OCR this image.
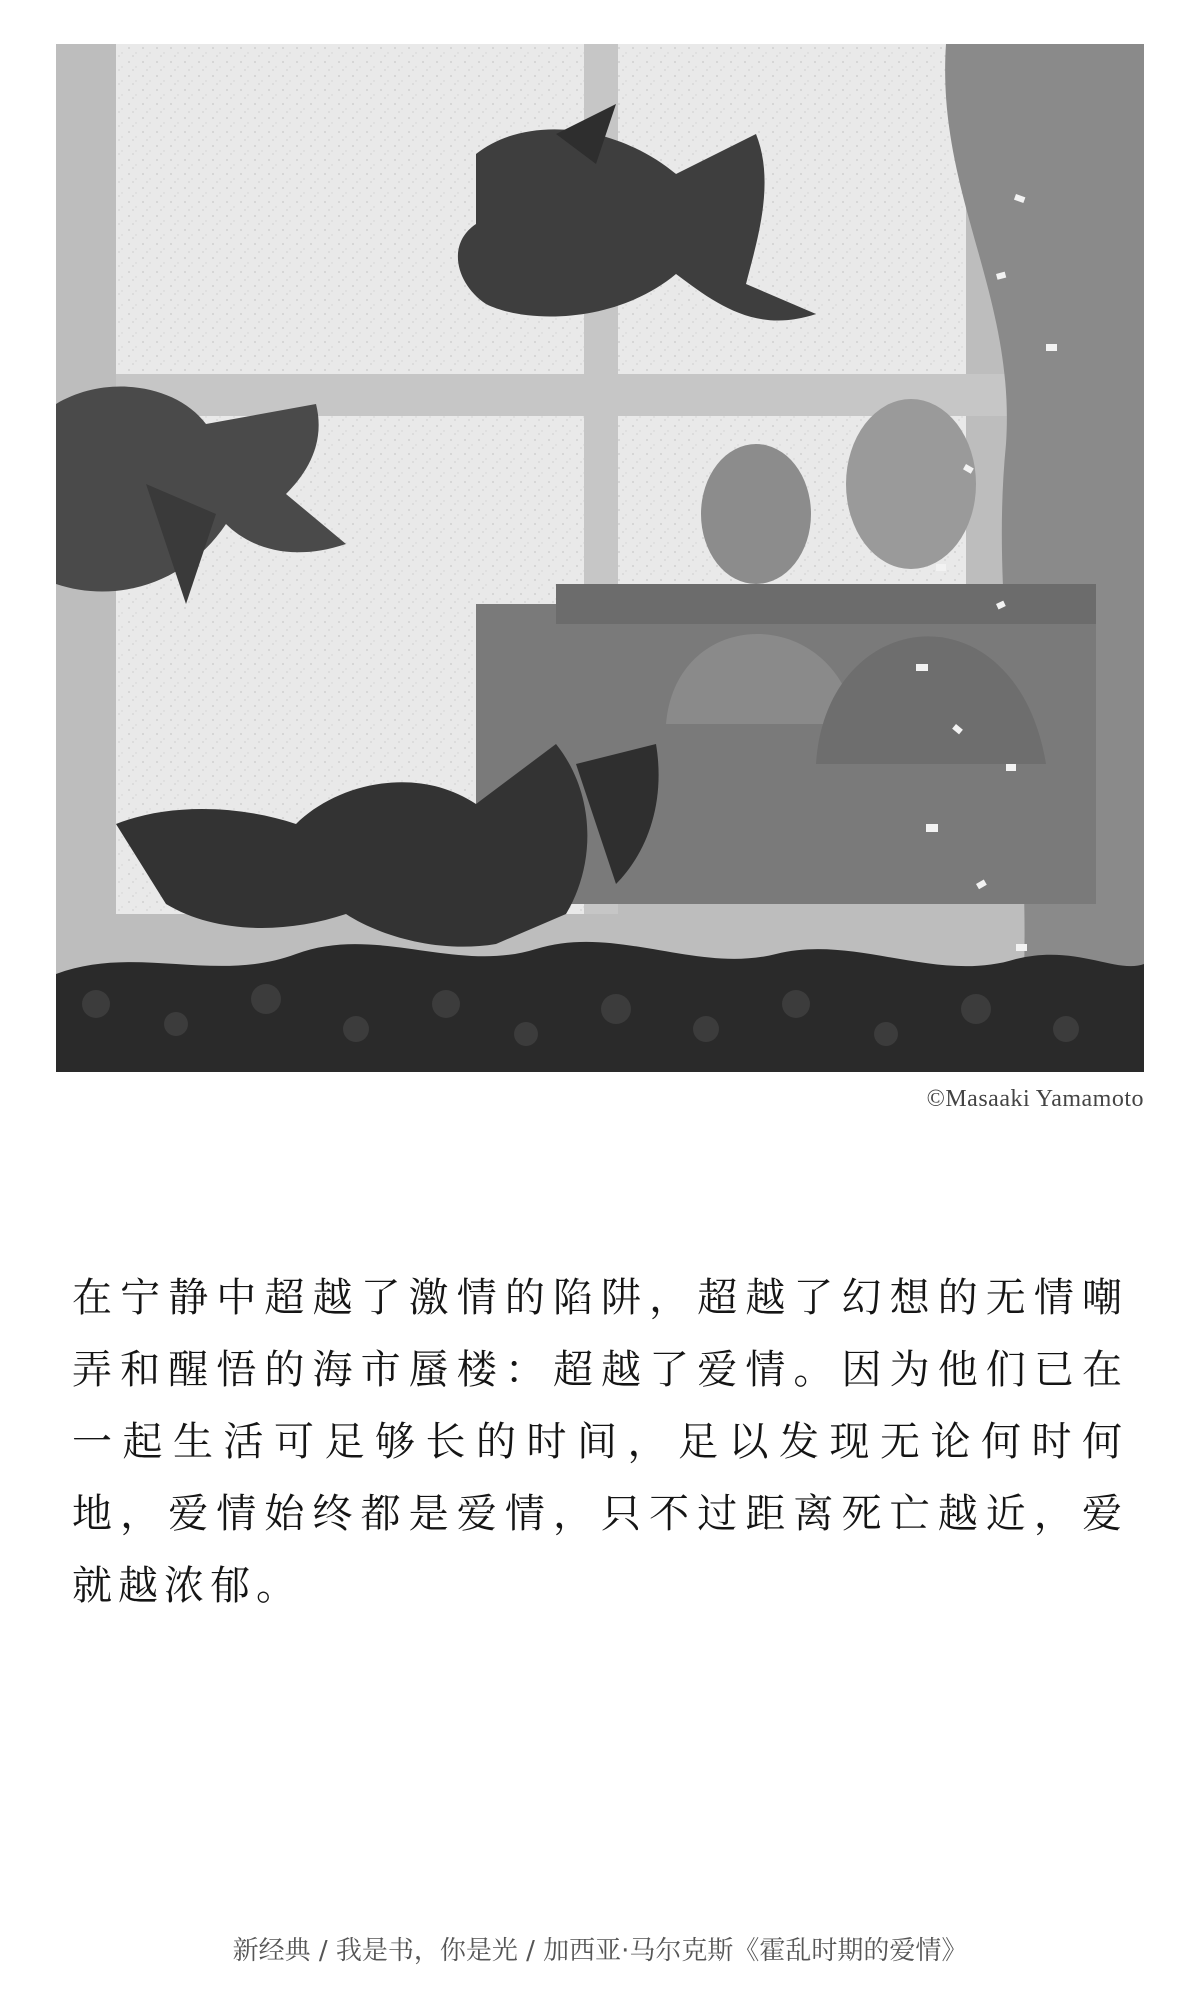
©Masaaki Yamamoto

在宁静中超越了激情的陷阱，超越了幻想的无情嘲弄和醒悟的海市蜃楼：超越了爱情。因为他们已在一起生活可足够长的时间，足以发现无论何时何地，爱情始终都是爱情，只不过距离死亡越近，爱就越浓郁。

新经典 / 我是书，你是光 / 加西亚·马尔克斯《霍乱时期的爱情》
